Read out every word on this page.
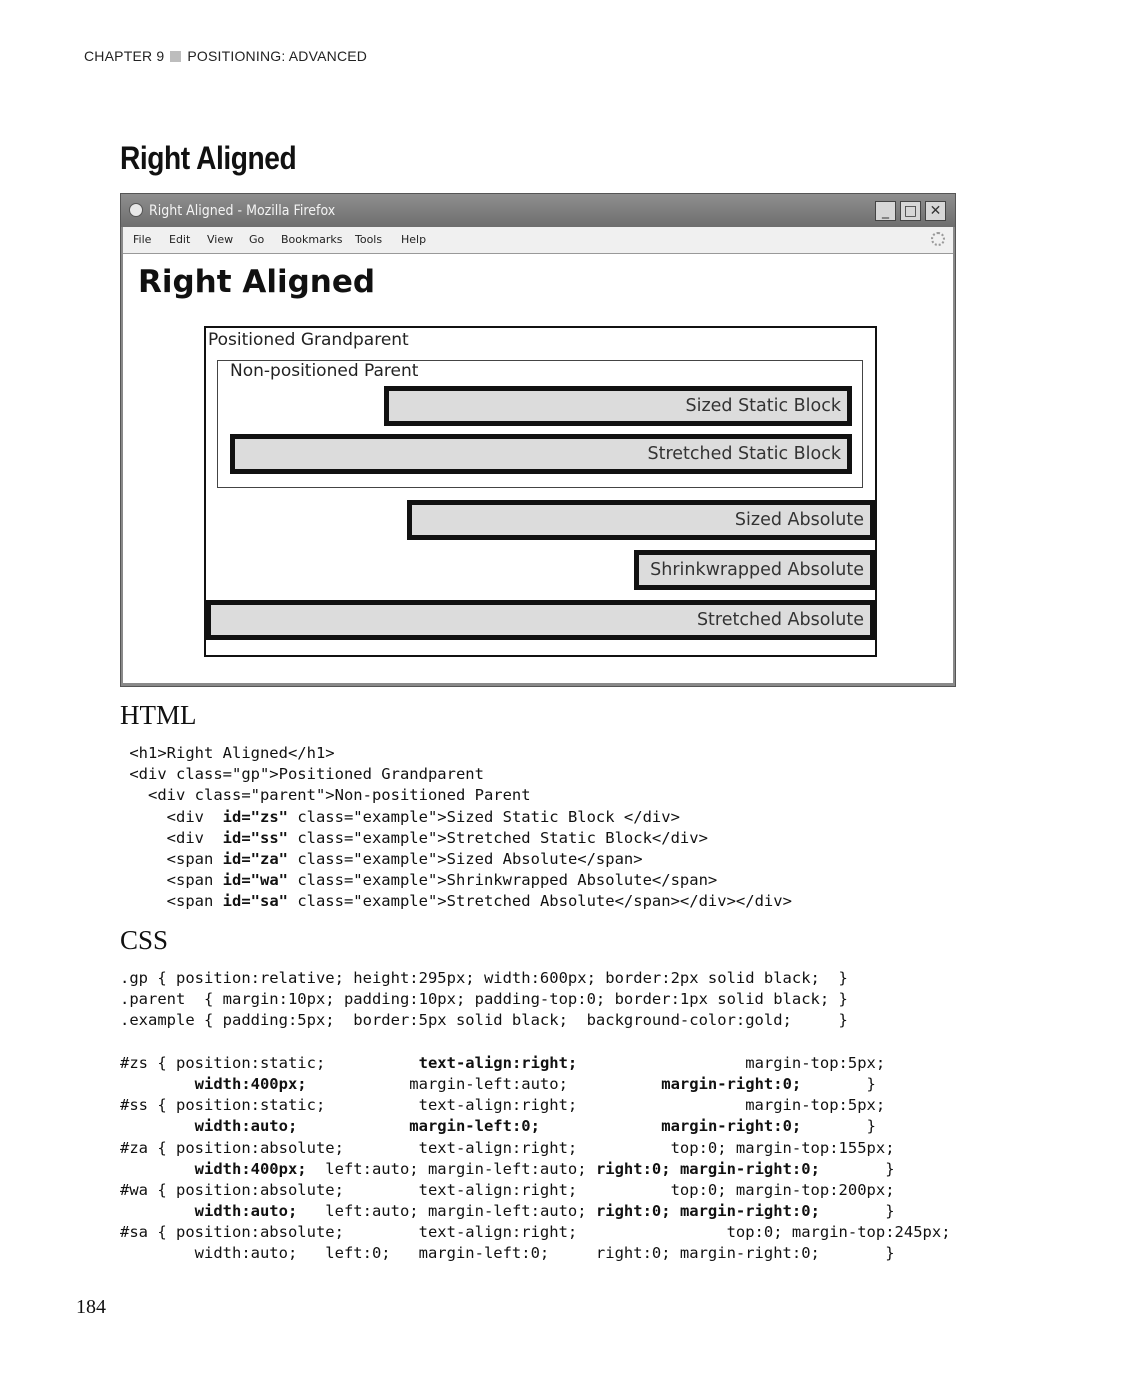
CHAPTER 9 POSITIONING: ADVANCED
Right Aligned
Right Aligned - Mozilla Firefox	_	□ ✕
File Edit View Go Bookmarks Tools Help
Right Aligned
Positioned Grandparent
Non-positioned Parent
Sized Static Block
Stretched Static Block
Sized Absolute
Shrinkwrapped Absolute
Stretched Absolute
HTML
<h1>Right Aligned</h1>
<div class="gp">Positioned Grandparent
<div class="parent">Non-positioned Parent
<div  id="zs" class="example">Sized Static Block </div>
<div  id="ss" class="example">Stretched Static Block</div>
<span id="za" class="example">Sized Absolute</span>
<span id="wa" class="example">Shrinkwrapped Absolute</span>
<span id="sa" class="example">Stretched Absolute</span></div></div>
CSS
.gp { position:relative; height:295px; width:600px; border:2px solid black;  }
.parent  { margin:10px; padding:10px; padding-top:0; border:1px solid black; }
.example { padding:5px;  border:5px solid black;  background-color:gold;     }

#zs { position:static;          text-align:right;                  margin-top:5px;
width:400px;           margin-left:auto;          margin-right:0;       }
#ss { position:static;          text-align:right;                  margin-top:5px;
width:auto;	margin-left:0;	margin-right:0;       }
#za { position:absolute;        text-align:right;          top:0; margin-top:155px;
width:400px;  left:auto; margin-left:auto; right:0; margin-right:0;       }
#wa { position:absolute;        text-align:right;          top:0; margin-top:200px;
width:auto;   left:auto; margin-left:auto; right:0; margin-right:0;       }
#sa { position:absolute;        text-align:right;                top:0; margin-top:245px;
width:auto;   left:0;   margin-left:0;     right:0; margin-right:0;       }
184
